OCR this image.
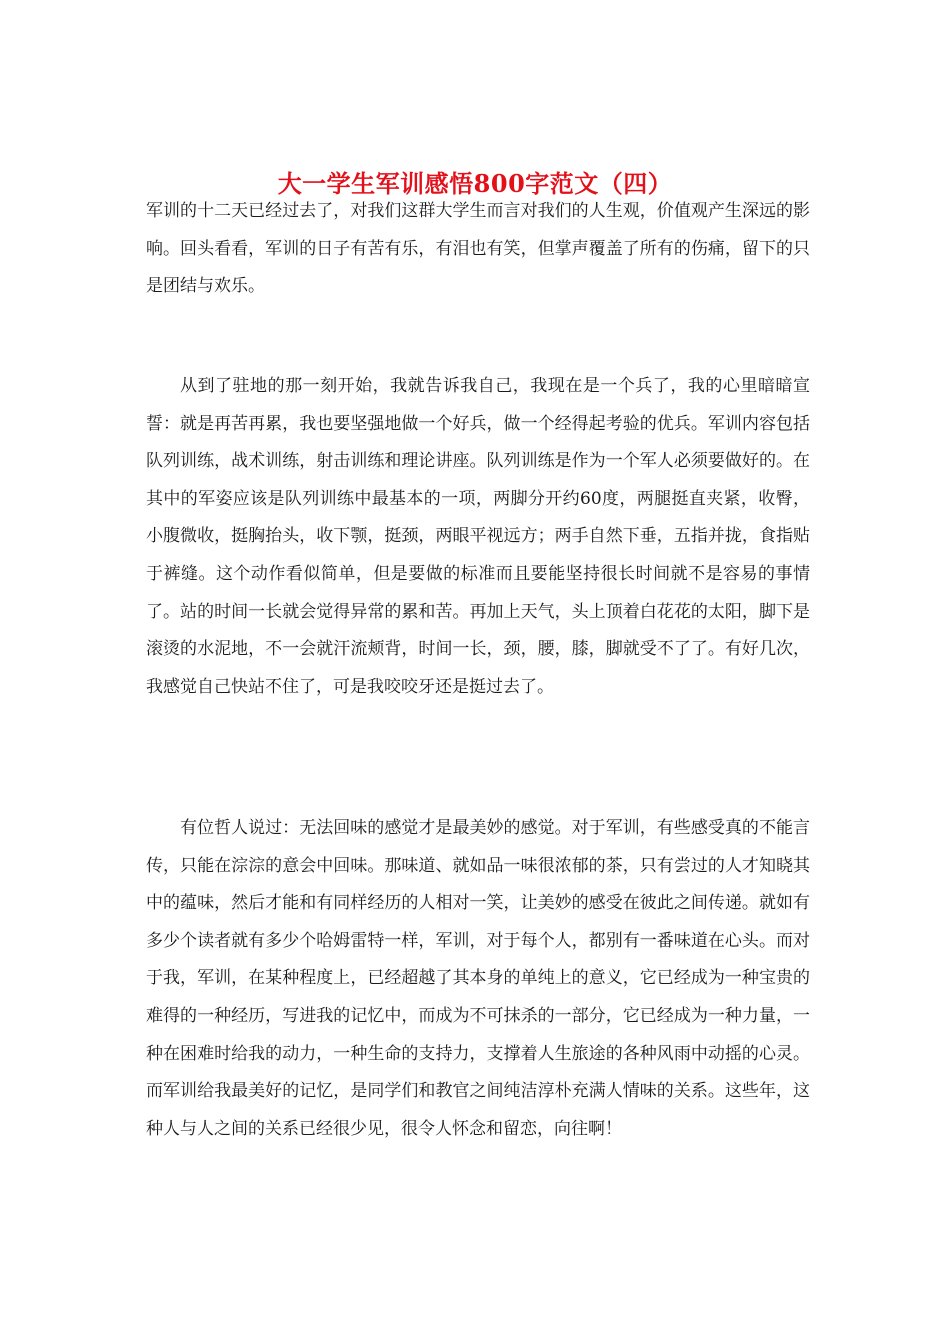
大一学生军训感悟800字范文（四）

军训的十二天已经过去了，对我们这群大学生而言对我们的人生观，价值观产生深远的影响。回头看看，军训的日子有苦有乐，有泪也有笑，但掌声覆盖了所有的伤痛，留下的只是团结与欢乐。

从到了驻地的那一刻开始，我就告诉我自己，我现在是一个兵了，我的心里暗暗宣誓：就是再苦再累，我也要坚强地做一个好兵，做一个经得起考验的优兵。军训内容包括队列训练，战术训练，射击训练和理论讲座。队列训练是作为一个军人必须要做好的。在其中的军姿应该是队列训练中最基本的一项，两脚分开约60度，两腿挺直夹紧，收臀，小腹微收，挺胸抬头，收下颚，挺颈，两眼平视远方；两手自然下垂，五指并拢，食指贴于裤缝。这个动作看似简单，但是要做的标准而且要能坚持很长时间就不是容易的事情了。站的时间一长就会觉得异常的累和苦。再加上天气，头上顶着白花花的太阳，脚下是滚烫的水泥地，不一会就汗流颊背，时间一长，颈，腰，膝，脚就受不了了。有好几次，我感觉自己快站不住了，可是我咬咬牙还是挺过去了。

有位哲人说过：无法回味的感觉才是最美妙的感觉。对于军训，有些感受真的不能言传，只能在淙淙的意会中回味。那味道、就如品一味很浓郁的茶，只有尝过的人才知晓其中的蕴味，然后才能和有同样经历的人相对一笑，让美妙的感受在彼此之间传递。就如有多少个读者就有多少个哈姆雷特一样，军训，对于每个人，都别有一番味道在心头。而对于我，军训，在某种程度上，已经超越了其本身的单纯上的意义，它已经成为一种宝贵的难得的一种经历，写进我的记忆中，而成为不可抹杀的一部分，它已经成为一种力量，一种在困难时给我的动力，一种生命的支持力，支撑着人生旅途的各种风雨中动摇的心灵。而军训给我最美好的记忆，是同学们和教官之间纯洁淳朴充满人情味的关系。这些年，这种人与人之间的关系已经很少见，很令人怀念和留恋，向往啊！
